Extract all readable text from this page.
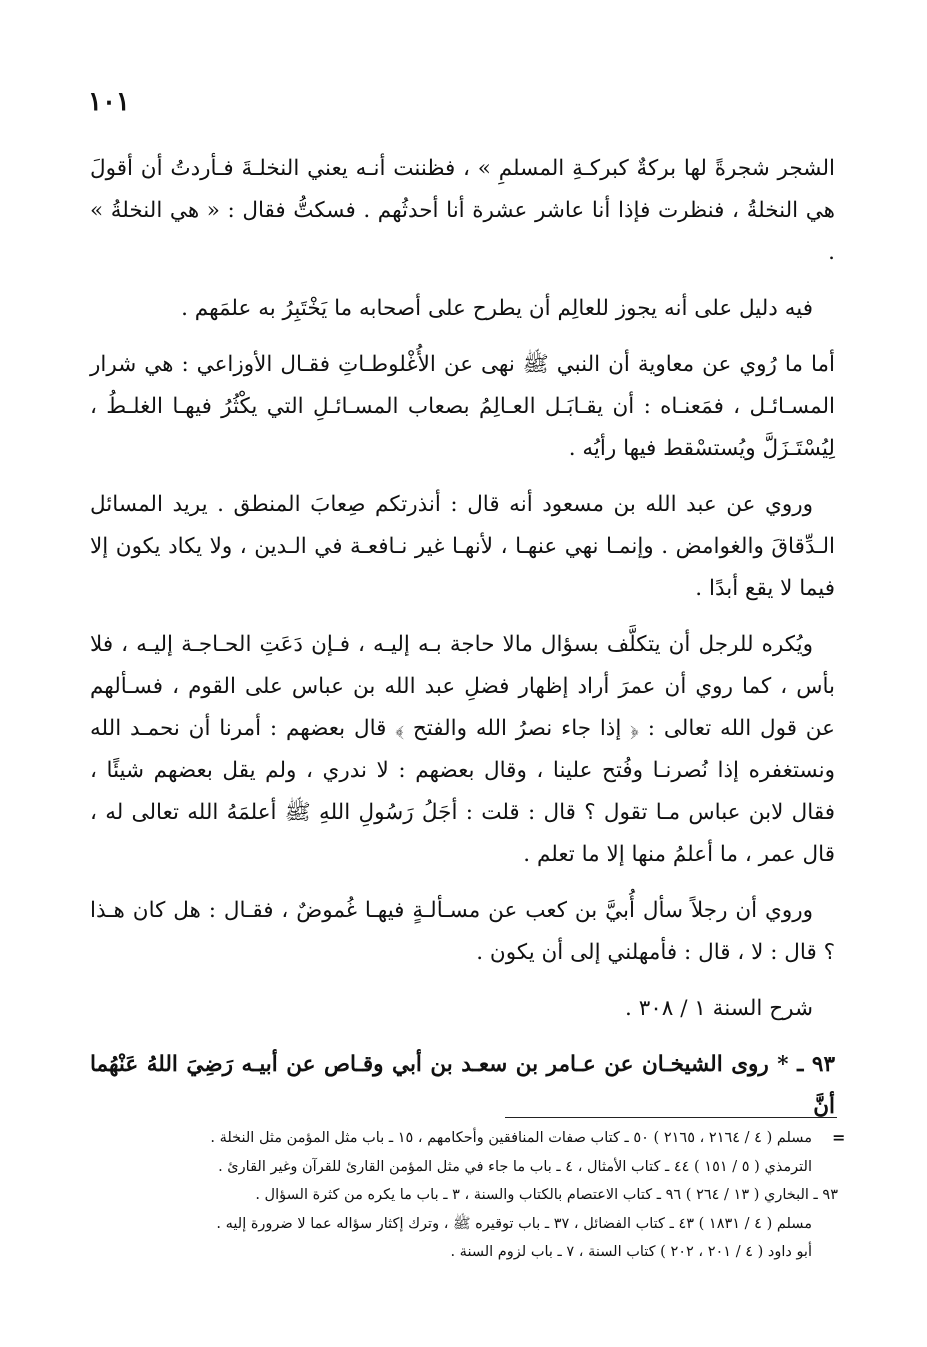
١٠١

الشجر شجرةً لها بركةٌ كبركـةِ المسلمِ » ، فظننت أنـه يعني النخلـةَ فـأردتُ أن أقولَ هي النخلةُ ، فنظرت فإذا أنا عاشر عشرة أنا أحدثُهم . فسكتُّ فقال : « هي النخلةُ » .

فيه دليل على أنه يجوز للعالِم أن يطرح على أصحابه ما يَخْتَبِرُ به علمَهم .

أما ما رُوي عن معاوية أن النبي ﷺ نهى عن الأُغْلوطـاتِ فقـال الأوزاعي : هي شرار المسـائـل ، فمَعنـاه : أن يقـابَـل العـالِمُ بصعاب المسـائـلِ التي يكْثُرُ فيهـا الغلـطُ ، لِيُسْتَـزَلَّ ويُستسْقط فيها رأيُه .

وروي عن عبد الله بن مسعود أنه قال : أنذرتكم صِعابَ المنطق . يريد المسائل الـدِّقاقَ والغوامض . وإنمـا نهي عنهـا ، لأنهـا غير نـافعـة في الـدين ، ولا يكاد يكون إلا فيما لا يقع أبدًا .

ويُكره للرجل أن يتكلَّف بسؤال مالا حاجة بـه إليـه ، فـإن دَعَتِ الحـاجـة إليـه ، فلا بأس ، كما روي أن عمرَ أراد إظهار فضلِ عبد الله بن عباس على القوم ، فسـألهم عن قول الله تعالى : ﴿ إذا جاء نصرُ الله والفتح ﴾ قال بعضهم : أمرنا أن نحمـد الله ونستغفره إذا نُصرنـا وفُتح علينا ، وقال بعضهم : لا ندري ، ولم يقل بعضهم شيئًا ، فقال لابن عباس مـا تقول ؟ قال : قلت : أجَلُ رَسُولِ اللهِ ﷺ أعلمَهُ الله تعالى له ، قال عمر ، ما أعلمُ منها إلا ما تعلم .

وروي أن رجلاً سأل أُبيَّ بن كعب عن مسـألـةٍ فيهـا غُموضٌ ، فقـال : هل كان هـذا ؟ قال : لا ، قال : فأمهلني إلى أن يكون .

شرح السنة ١ / ٣٠٨ .

٩٣ ـ * روى الشيخـان عن عـامر بن سعـد بن أبي وقـاص عن أبيـه رَضِيَ اللهُ عَنْهُما أنَّ

=
مسلم ( ٤ / ٢١٦٤ ، ٢١٦٥ ) ٥٠ ـ كتاب صفات المنافقين وأحكامهم ، ١٥ ـ باب مثل المؤمن مثل النخلة .
الترمذي ( ٥ / ١٥١ ) ٤٤ ـ كتاب الأمثال ، ٤ ـ باب ما جاء في مثل المؤمن القارئ للقرآن وغير القارئ .
٩٣ ـ البخاري ( ١٣ / ٢٦٤ ) ٩٦ ـ كتاب الاعتصام بالكتاب والسنة ، ٣ ـ باب ما يكره من كثرة السؤال .
مسلم ( ٤ / ١٨٣١ ) ٤٣ ـ كتاب الفضائل ، ٣٧ ـ باب توقيره ﷺ ، وترك إكثار سؤاله عما لا ضرورة إليه .
أبو داود ( ٤ / ٢٠١ ، ٢٠٢ ) كتاب السنة ، ٧ ـ باب لزوم السنة .
